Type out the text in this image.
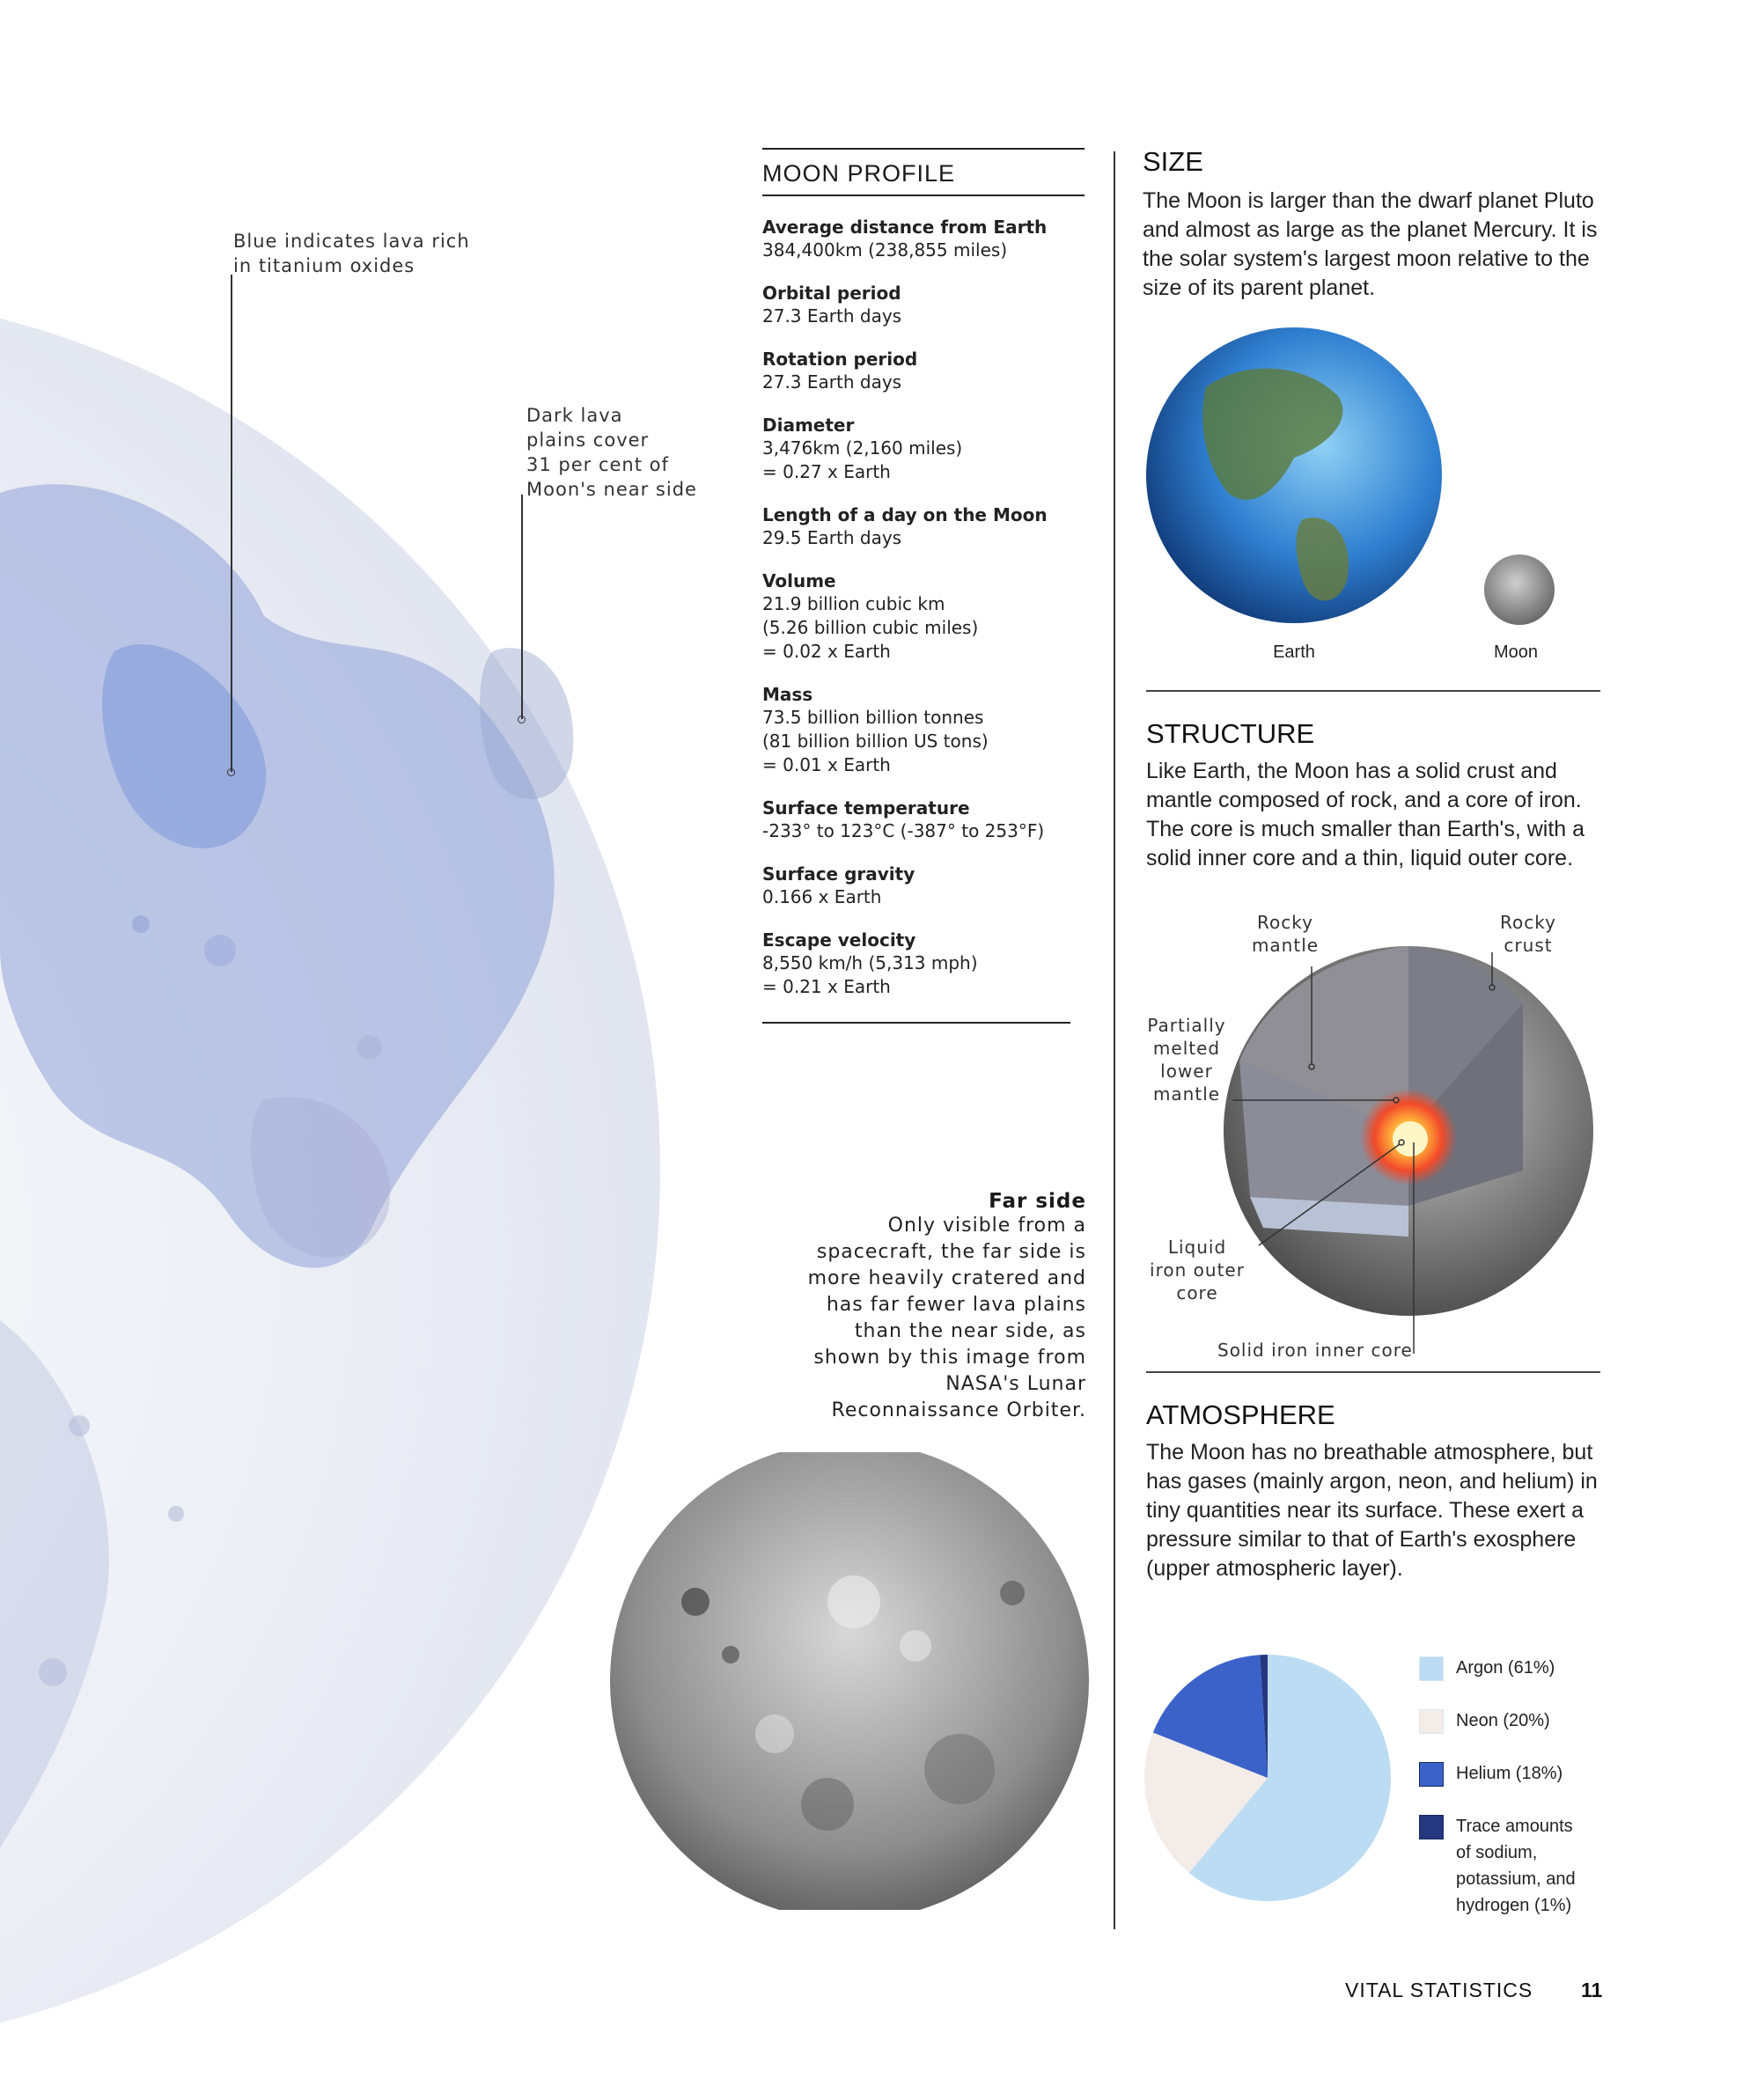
Blue indicates lava rich
in titanium oxides
Dark lava
plains cover
31 per cent of
Moon's near side
MOON PROFILE
Average distance from Earth
384,400km (238,855 miles)
Orbital period
27.3 Earth days
Rotation period
27.3 Earth days
Diameter
3,476km (2,160 miles)
= 0.27 x Earth
Length of a day on the Moon
29.5 Earth days
Volume
21.9 billion cubic km
(5.26 billion cubic miles)
= 0.02 x Earth
Mass
73.5 billion billion tonnes
(81 billion billion US tons)
= 0.01 x Earth
Surface temperature
-233° to 123°C (-387° to 253°F)
Surface gravity
0.166 x Earth
Escape velocity
8,550 km/h (5,313 mph)
= 0.21 x Earth
SIZE
The Moon is larger than the dwarf planet Pluto and almost as large as the planet Mercury. It is the solar system's largest moon relative to the size of its parent planet.
Earth	Moon
STRUCTURE
Like Earth, the Moon has a solid crust and mantle composed of rock, and a core of iron. The core is much smaller than Earth's, with a solid inner core and a thin, liquid outer core.
Rocky
mantle
Rocky
crust
Partially
melted
lower
mantle
Liquid
iron outer
core
Solid iron inner core
ATMOSPHERE
The Moon has no breathable atmosphere, but has gases (mainly argon, neon, and helium) in tiny quantities near its surface. These exert a pressure similar to that of Earth's exosphere (upper atmospheric layer).
Argon (61%)
Neon (20%)
Helium (18%)
Trace amounts
of sodium,
potassium, and
hydrogen (1%)
Far side
Only visible from a spacecraft, the far side is more heavily cratered and has far fewer lava plains than the near side, as shown by this image from NASA's Lunar Reconnaissance Orbiter.
VITAL STATISTICS 11
